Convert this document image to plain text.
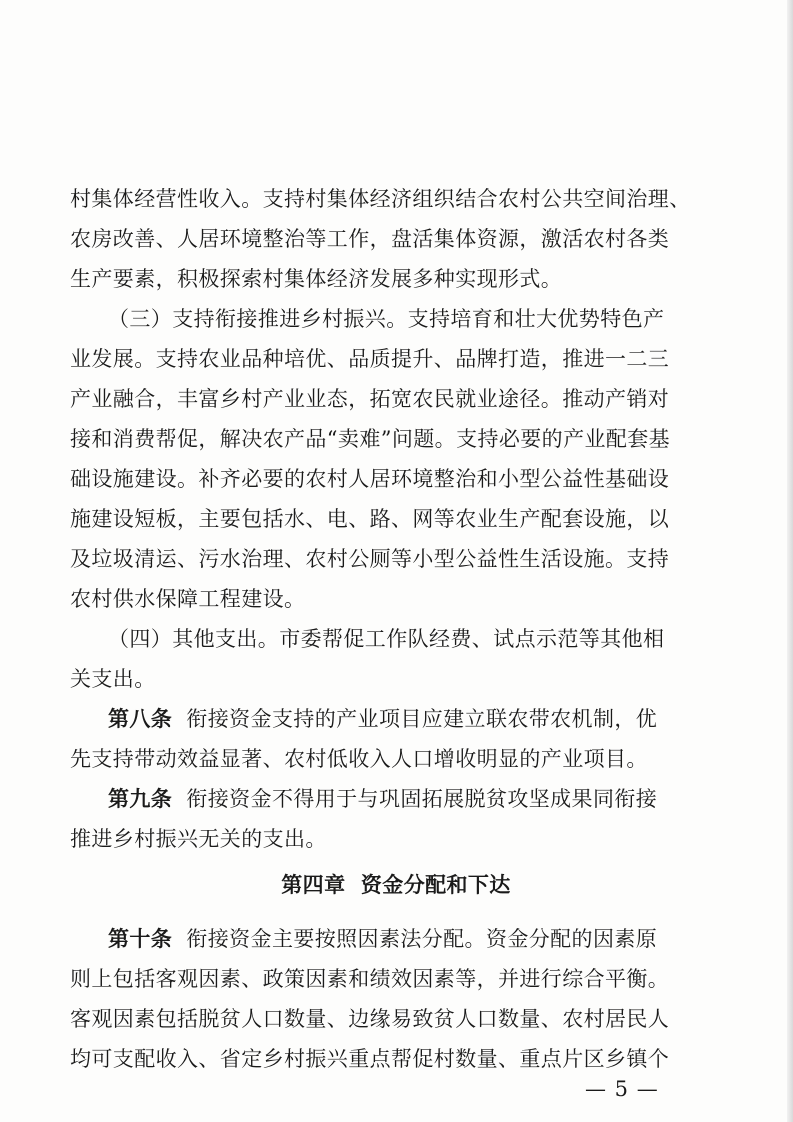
村集体经营性收入。支持村集体经济组织结合农村公共空间治理、
农房改善、人居环境整治等工作，盘活集体资源，激活农村各类
生产要素，积极探索村集体经济发展多种实现形式。
（三）支持衔接推进乡村振兴。支持培育和壮大优势特色产
业发展。支持农业品种培优、品质提升、品牌打造，推进一二三
产业融合，丰富乡村产业业态，拓宽农民就业途径。推动产销对
接和消费帮促，解决农产品“卖难”问题。支持必要的产业配套基
础设施建设。补齐必要的农村人居环境整治和小型公益性基础设
施建设短板，主要包括水、电、路、网等农业生产配套设施，以
及垃圾清运、污水治理、农村公厕等小型公益性生活设施。支持
农村供水保障工程建设。
（四）其他支出。市委帮促工作队经费、试点示范等其他相
关支出。
第八条 衔接资金支持的产业项目应建立联农带农机制，优
先支持带动效益显著、农村低收入人口增收明显的产业项目。
第九条 衔接资金不得用于与巩固拓展脱贫攻坚成果同衔接
推进乡村振兴无关的支出。
第四章 资金分配和下达
第十条 衔接资金主要按照因素法分配。资金分配的因素原
则上包括客观因素、政策因素和绩效因素等，并进行综合平衡。
客观因素包括脱贫人口数量、边缘易致贫人口数量、农村居民人
均可支配收入、省定乡村振兴重点帮促村数量、重点片区乡镇个
— 5 —
